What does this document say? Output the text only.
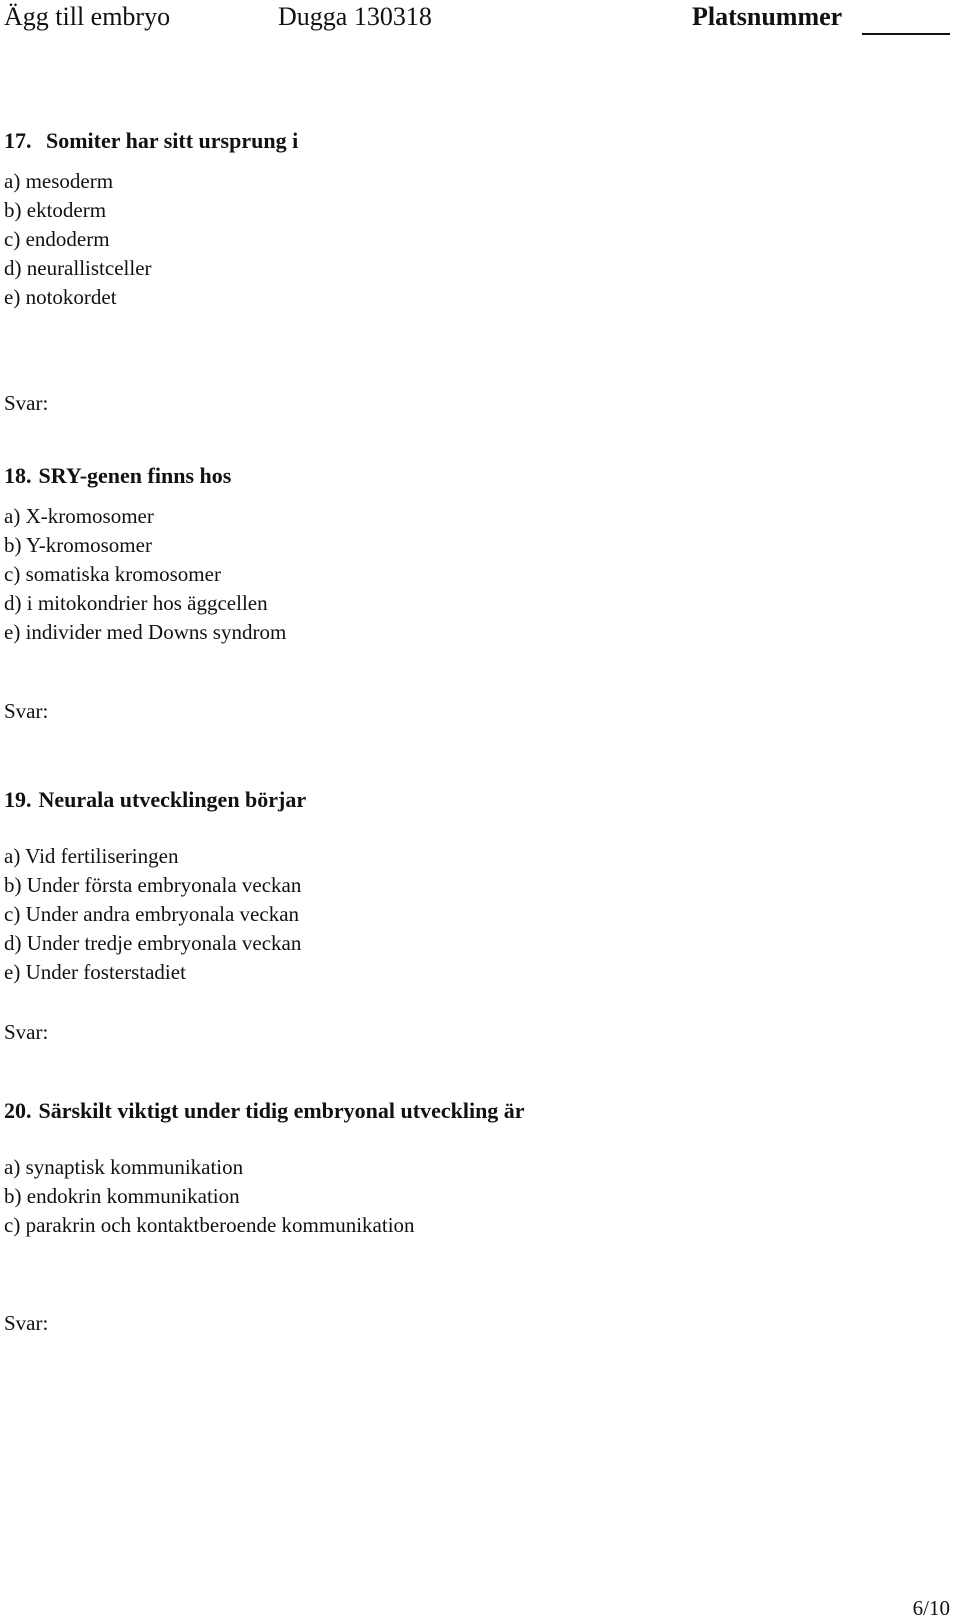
Ägg till embryo	Dugga 130318	Platsnummer
17. Somiter har sitt ursprung i
a) mesoderm
b) ektoderm
c) endoderm
d) neurallistceller
e) notokordet
Svar:
18. SRY-genen finns hos
a) X-kromosomer
b) Y-kromosomer
c) somatiska kromosomer
d) i mitokondrier hos äggcellen
e) individer med Downs syndrom
Svar:
19. Neurala utvecklingen börjar
a) Vid fertiliseringen
b) Under första embryonala veckan
c) Under andra embryonala veckan
d) Under tredje embryonala veckan
e) Under fosterstadiet
Svar:
20. Särskilt viktigt under tidig embryonal utveckling är
a) synaptisk kommunikation
b) endokrin kommunikation
c) parakrin och kontaktberoende kommunikation
Svar:
6/10
